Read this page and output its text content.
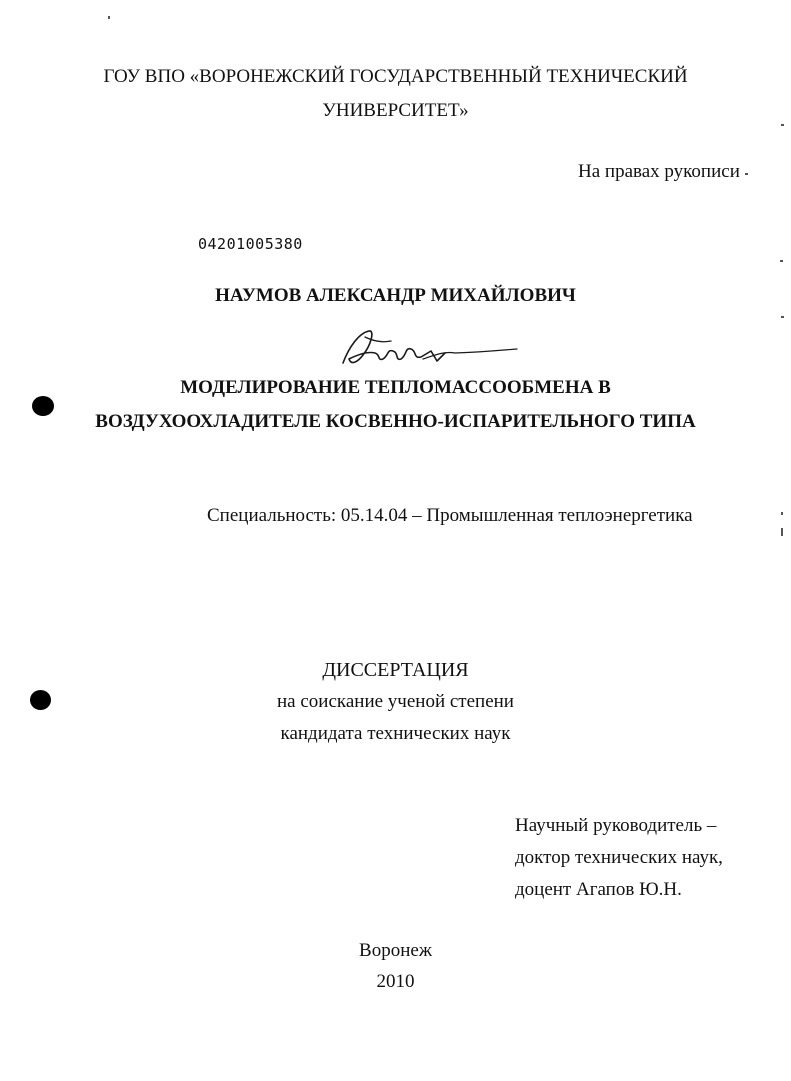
ГОУ ВПО «ВОРОНЕЖСКИЙ ГОСУДАРСТВЕННЫЙ ТЕХНИЧЕСКИЙ
УНИВЕРСИТЕТ»
На правах рукописи
04201005380
НАУМОВ АЛЕКСАНДР МИХАЙЛОВИЧ
МОДЕЛИРОВАНИЕ ТЕПЛОМАССООБМЕНА В
ВОЗДУХООХЛАДИТЕЛЕ КОСВЕННО-ИСПАРИТЕЛЬНОГО ТИПА
Специальность: 05.14.04 – Промышленная теплоэнергетика
ДИССЕРТАЦИЯ
на соискание ученой степени
кандидата технических наук
Научный руководитель –
доктор технических наук,
доцент Агапов Ю.Н.
Воронеж
2010
